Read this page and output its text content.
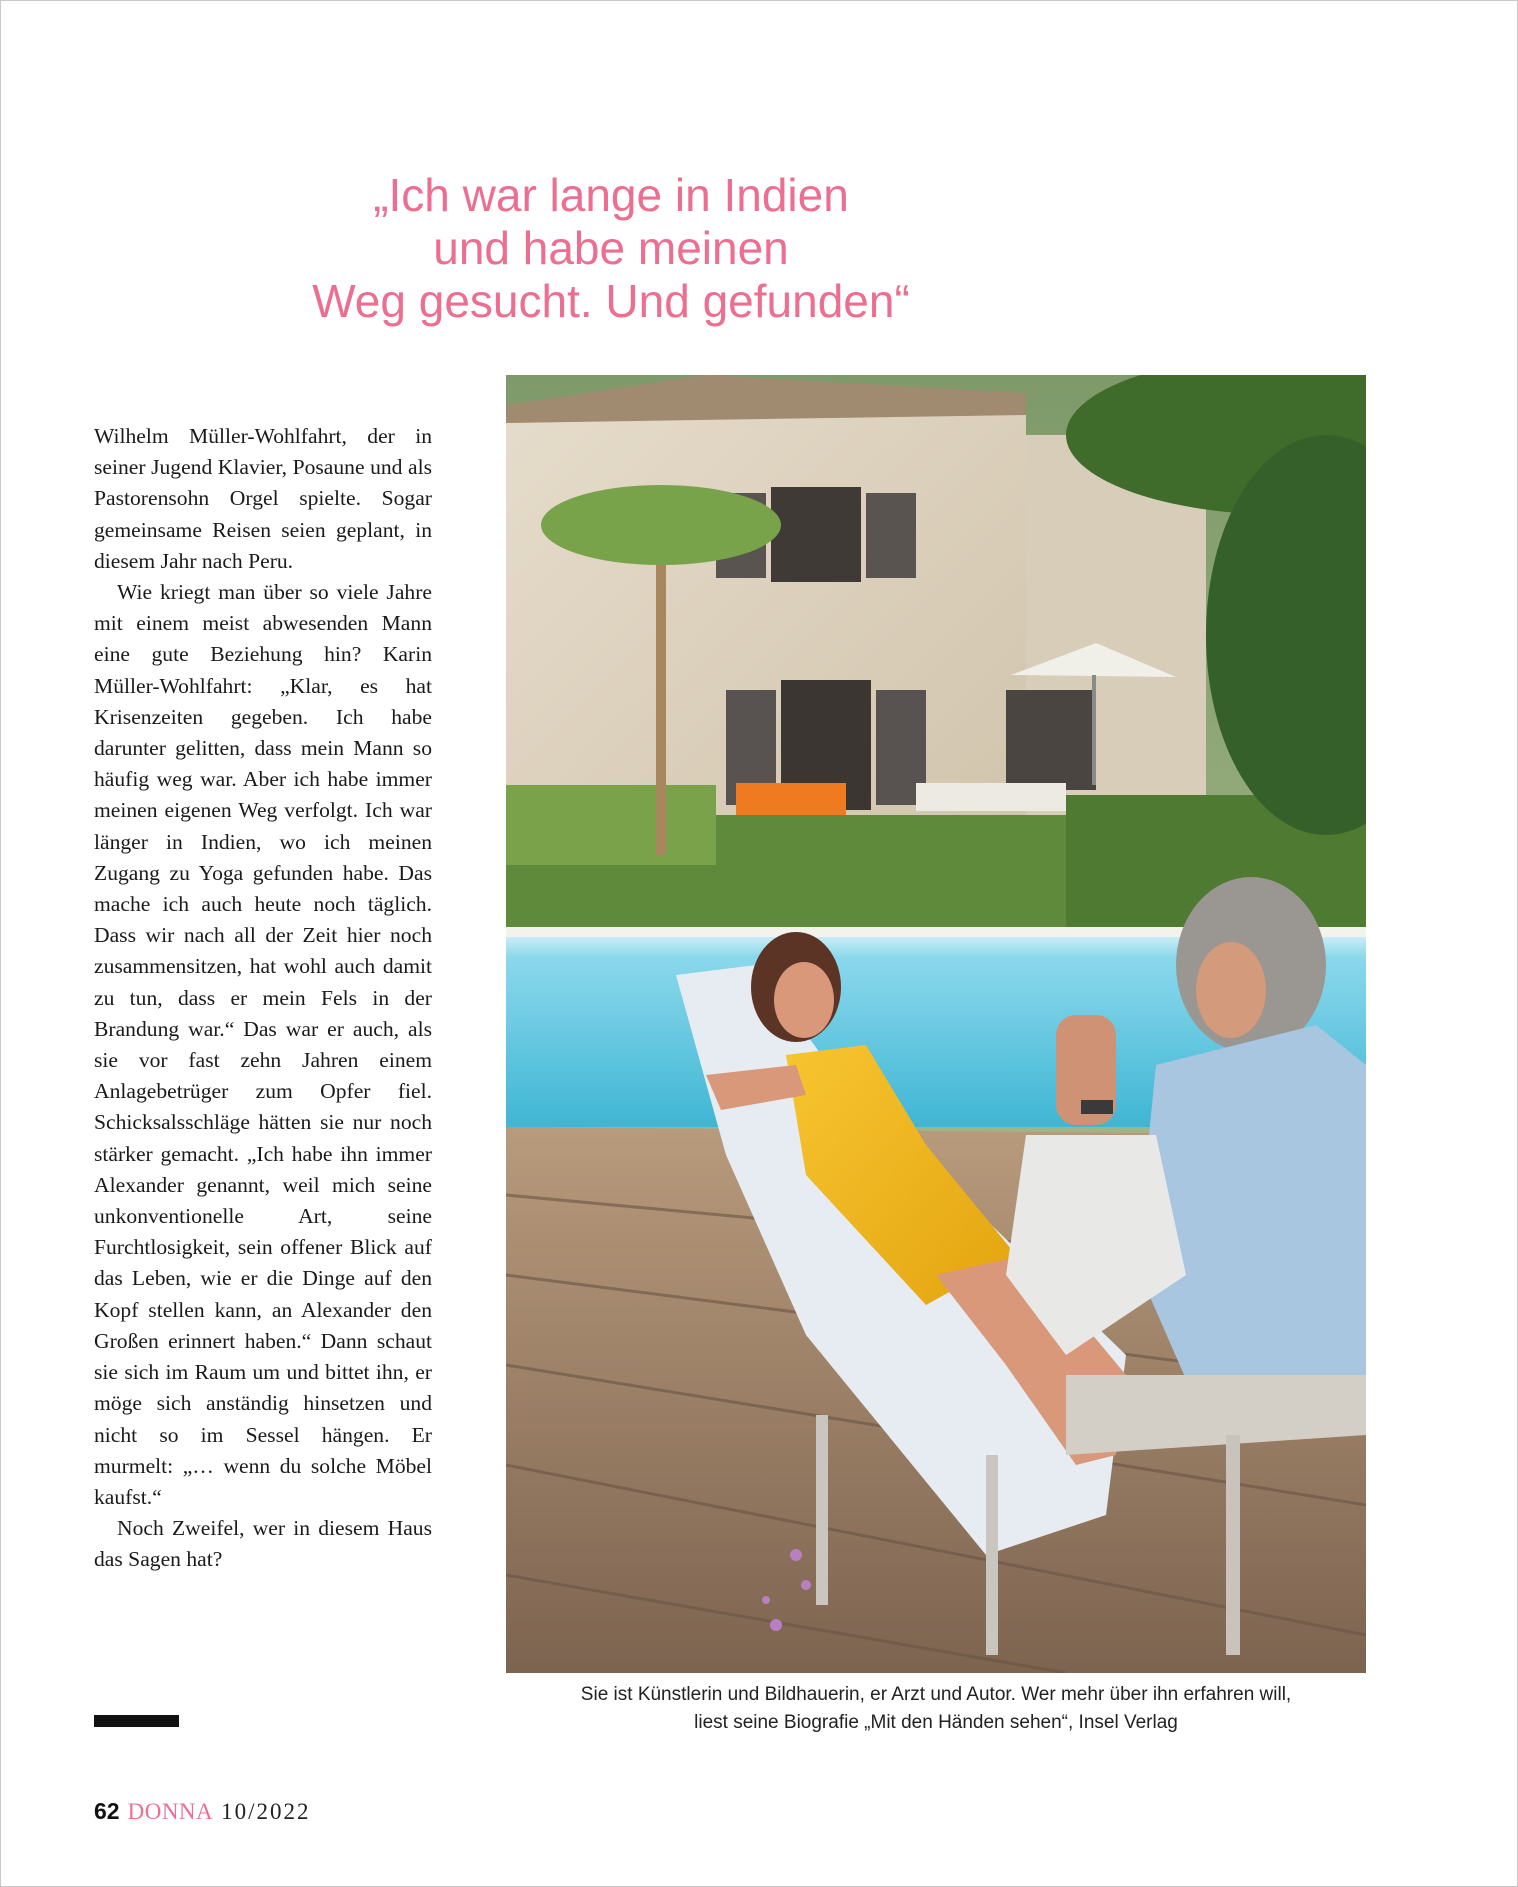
„Ich war lange in Indien
und habe meinen
Weg gesucht. Und gefunden“

Wilhelm Müller-Wohlfahrt, der in seiner Jugend Klavier, Posaune und als Pastorensohn Orgel spielte. Sogar gemeinsame Reisen seien geplant, in diesem Jahr nach Peru.

Wie kriegt man über so viele Jahre mit einem meist abwesenden Mann eine gute Beziehung hin? Karin Müller-Wohlfahrt: „Klar, es hat Krisenzeiten gegeben. Ich habe darunter gelitten, dass mein Mann so häufig weg war. Aber ich habe immer meinen eigenen Weg verfolgt. Ich war länger in Indien, wo ich meinen Zugang zu Yoga gefunden habe. Das mache ich auch heute noch täglich. Dass wir nach all der Zeit hier noch zusammensitzen, hat wohl auch damit zu tun, dass er mein Fels in der Brandung war.“ Das war er auch, als sie vor fast zehn Jahren einem Anlagebetrüger zum Opfer fiel. Schicksalsschläge hätten sie nur noch stärker gemacht. „Ich habe ihn immer Alexander genannt, weil mich seine unkonventionelle Art, seine Furchtlosigkeit, sein offener Blick auf das Leben, wie er die Dinge auf den Kopf stellen kann, an Alexander den Großen erinnert haben.“ Dann schaut sie sich im Raum um und bittet ihn, er möge sich anständig hinsetzen und nicht so im Sessel hängen. Er murmelt: „… wenn du solche Möbel kaufst.“

Noch Zweifel, wer in diesem Haus das Sagen hat?

Sie ist Künstlerin und Bildhauerin, er Arzt und Autor. Wer mehr über ihn erfahren will,
liest seine Biografie „Mit den Händen sehen“, Insel Verlag
62 DONNA 10/2022
